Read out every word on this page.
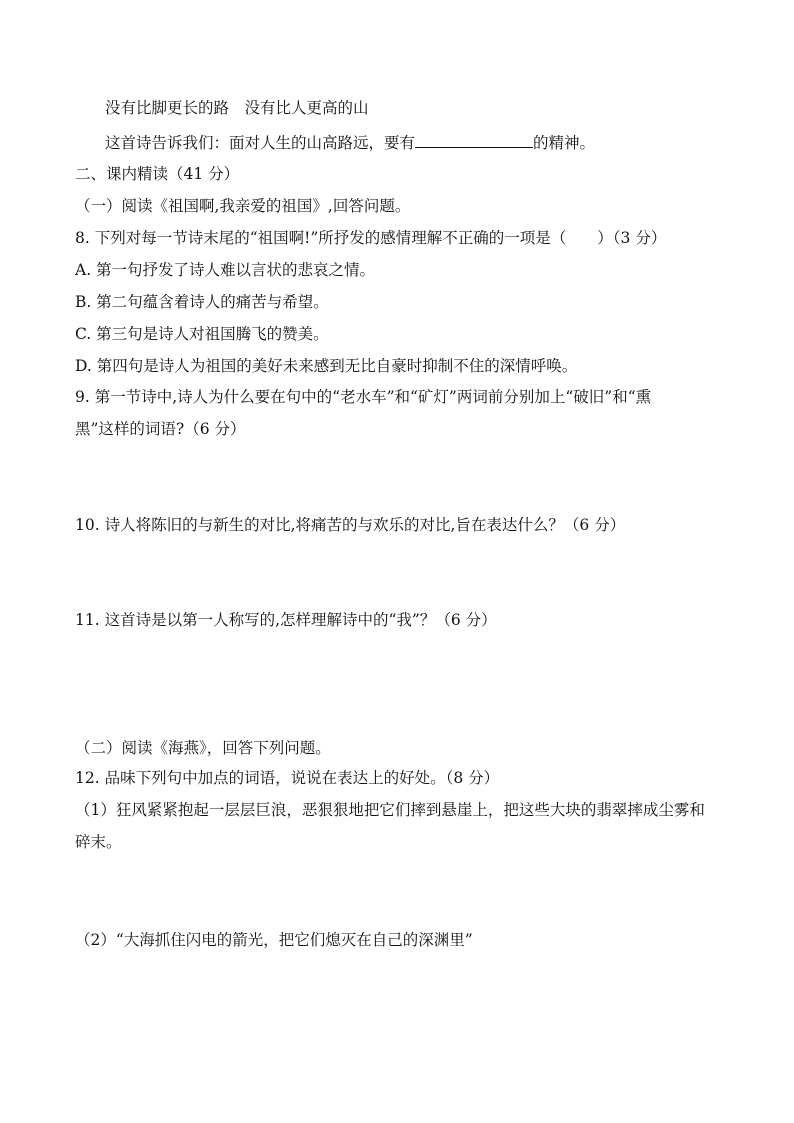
没有比脚更长的路　没有比人更高的山
这首诗告诉我们：面对人生的山高路远，要有	的精神。
二、课内精读（41 分）
（一）阅读《祖国啊,我亲爱的祖国》,回答问题。
8. 下列对每一节诗末尾的“祖国啊!”所抒发的感情理解不正确的一项是（　　）（3 分）
A. 第一句抒发了诗人难以言状的悲哀之情。
B. 第二句蕴含着诗人的痛苦与希望。
C. 第三句是诗人对祖国腾飞的赞美。
D. 第四句是诗人为祖国的美好未来感到无比自豪时抑制不住的深情呼唤。
9. 第一节诗中,诗人为什么要在句中的“老水车”和“矿灯”两词前分别加上“破旧”和“熏
黑”这样的词语?（6 分）
10. 诗人将陈旧的与新生的对比,将痛苦的与欢乐的对比,旨在表达什么？（6 分）
11. 这首诗是以第一人称写的,怎样理解诗中的“我”？（6 分）
（二）阅读《海燕》，回答下列问题。
12. 品味下列句中加点的词语，说说在表达上的好处。（8 分）
（1）狂风紧紧抱起一层层巨浪，恶狠狠地把它们摔到悬崖上，把这些大块的翡翠摔成尘雾和
碎末。
（2）“大海抓住闪电的箭光，把它们熄灭在自己的深渊里”
